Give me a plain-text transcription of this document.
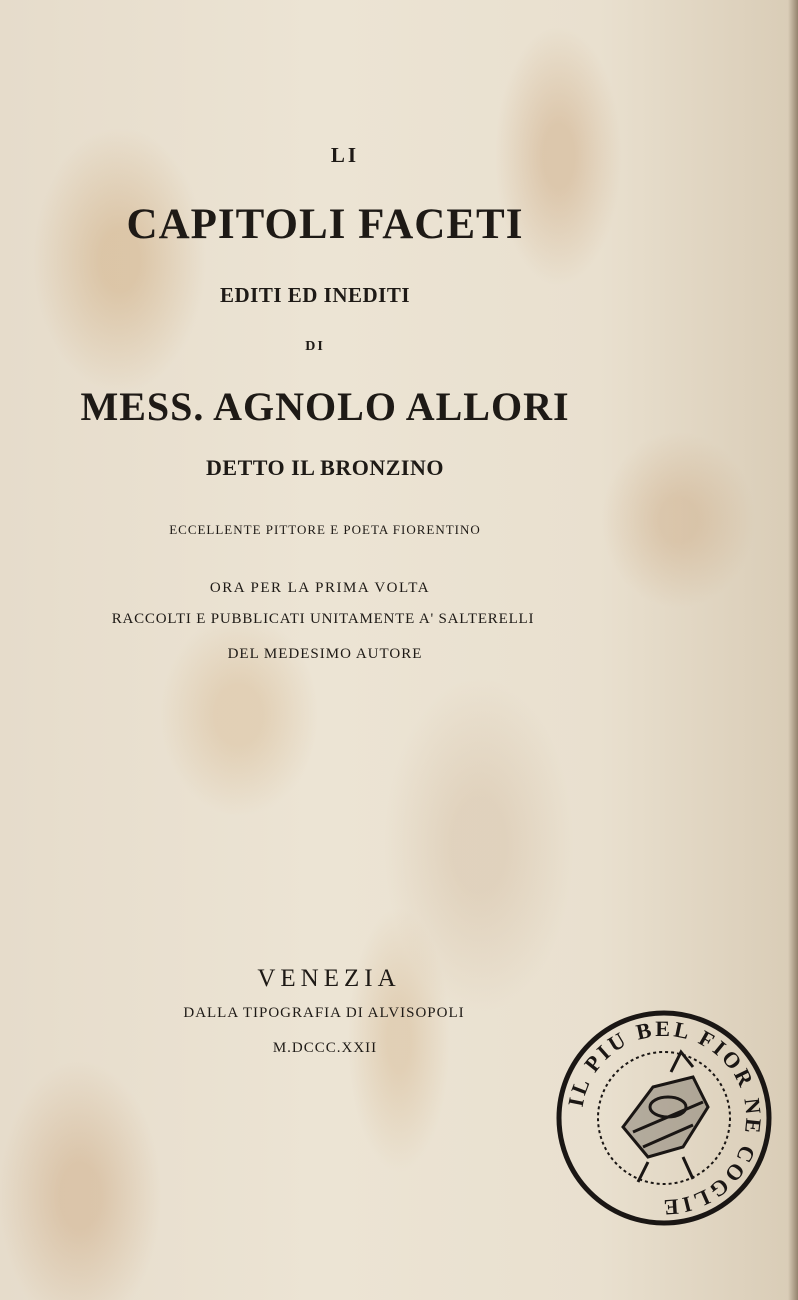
LI
CAPITOLI FACETI
EDITI ED INEDITI
DI
MESS. AGNOLO ALLORI
DETTO IL BRONZINO
ECCELLENTE PITTORE E POETA FIORENTINO
ORA PER LA PRIMA VOLTA
RACCOLTI E PUBBLICATI UNITAMENTE A' SALTERELLI
DEL MEDESIMO AUTORE
VENEZIA
DALLA TIPOGRAFIA DI ALVISOPOLI
M.DCCC.XXII
IL PIU BEL FIOR NE COGLIE
